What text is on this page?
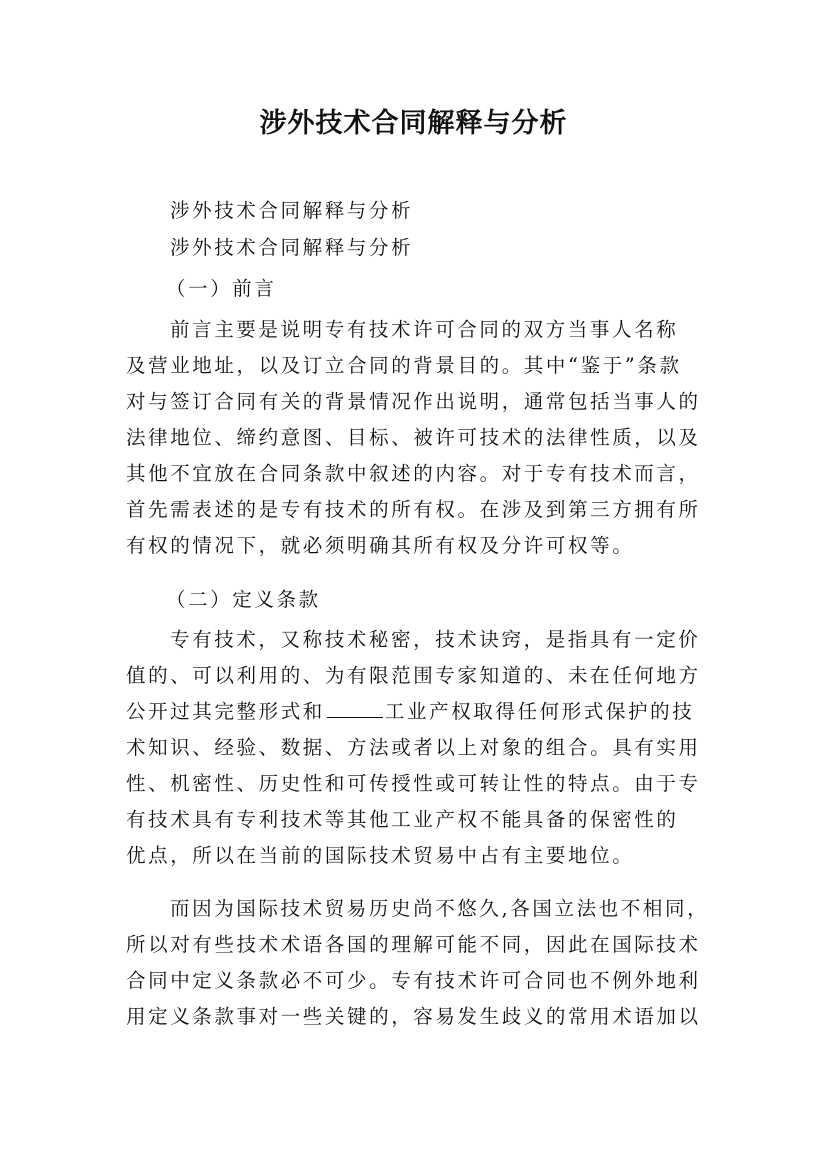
涉外技术合同解释与分析
涉外技术合同解释与分析
涉外技术合同解释与分析
（一）前言
前言主要是说明专有技术许可合同的双方当事人名称
及营业地址，以及订立合同的背景目的。其中“鉴于”条款
对与签订合同有关的背景情况作出说明，通常包括当事人的
法律地位、缔约意图、目标、被许可技术的法律性质，以及
其他不宜放在合同条款中叙述的内容。对于专有技术而言，
首先需表述的是专有技术的所有权。在涉及到第三方拥有所
有权的情况下，就必须明确其所有权及分许可权等。
（二）定义条款
专有技术，又称技术秘密，技术诀窍，是指具有一定价
值的、可以利用的、为有限范围专家知道的、未在任何地方
公开过其完整形式和	工业产权取得任何形式保护的技
术知识、经验、数据、方法或者以上对象的组合。具有实用
性、机密性、历史性和可传授性或可转让性的特点。由于专
有技术具有专利技术等其他工业产权不能具备的保密性的
优点，所以在当前的国际技术贸易中占有主要地位。
而因为国际技术贸易历史尚不悠久,各国立法也不相同，
所以对有些技术术语各国的理解可能不同，因此在国际技术
合同中定义条款必不可少。专有技术许可合同也不例外地利
用定义条款事对一些关键的，容易发生歧义的常用术语加以
